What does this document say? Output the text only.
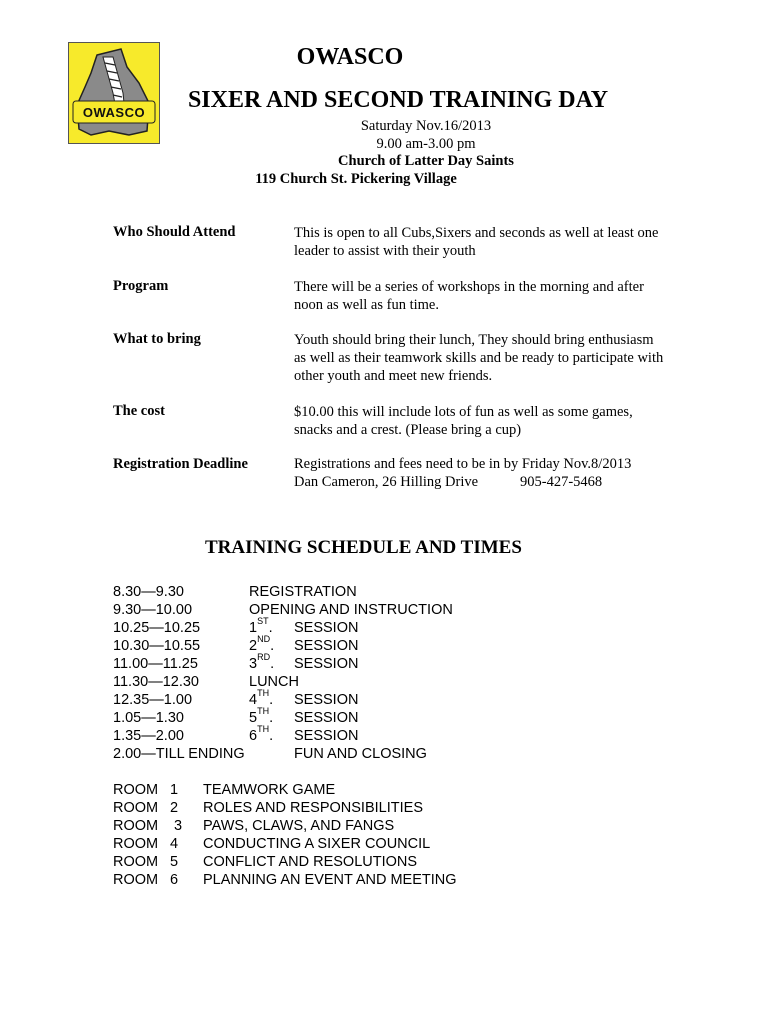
OWASCO
OWASCO
SIXER AND SECOND TRAINING DAY
Saturday Nov.16/2013
9.00 am-3.00 pm
Church of Latter Day Saints
119 Church St. Pickering Village
Who Should Attend	This is open to all Cubs,Sixers and seconds as well at least one leader to assist with their youth
Program	There will be a series of workshops in the morning and after noon as well as fun time.
What to bring	Youth should bring their lunch, They should bring enthusiasm as well as their teamwork skills and be ready to participate with other youth and meet new friends.
The cost	$10.00 this will include lots of fun as well as some games, snacks and a crest. (Please bring a cup)
Registration Deadline	Registrations and fees need to be in by Friday Nov.8/2013
Dan Cameron, 26 Hilling Drive	905-427-5468
TRAINING SCHEDULE AND TIMES
8.30—9.30	REGISTRATION
9.30—10.00	OPENING AND INSTRUCTION
10.25—10.25	1ST. SESSION
10.30—10.55	2ND. SESSION
11.00—11.25	3RD. SESSION
11.30—12.30	LUNCH
12.35—1.00	4TH. SESSION
1.05—1.30	5TH. SESSION
1.35—2.00	6TH. SESSION
2.00—TILL ENDING	FUN AND CLOSING
ROOM 1 TEAMWORK GAME
ROOM 2 ROLES AND RESPONSIBILITIES
ROOM 3 PAWS, CLAWS, AND FANGS
ROOM 4 CONDUCTING A SIXER COUNCIL
ROOM 5 CONFLICT AND RESOLUTIONS
ROOM 6 PLANNING AN EVENT AND MEETING
